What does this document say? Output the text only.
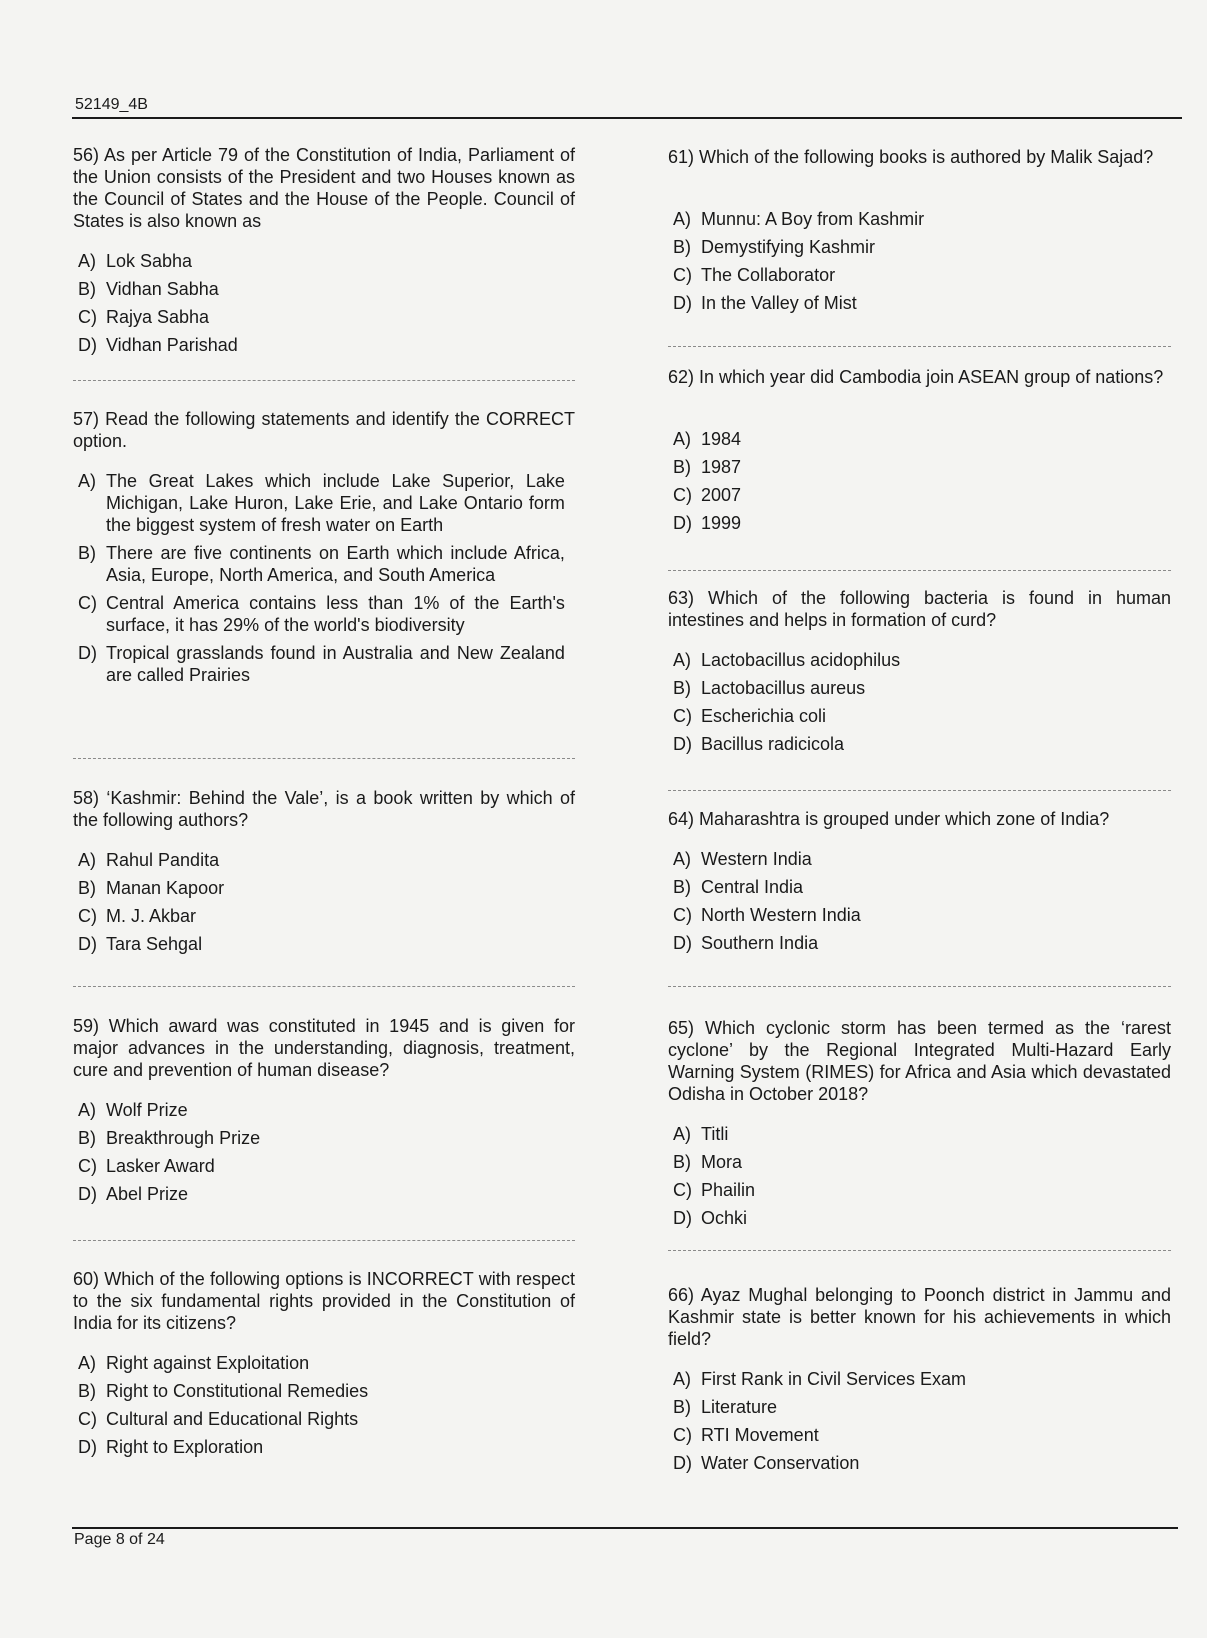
52149_4B

56) As per Article 79 of the Constitution of India, Parliament of the Union consists of the President and two Houses known as the Council of States and the House of the People. Council of States is also known as

A) Lok Sabha
B) Vidhan Sabha
C) Rajya Sabha
D) Vidhan Parishad

57) Read the following statements and identify the CORRECT option.

A) The Great Lakes which include Lake Superior, Lake Michigan, Lake Huron, Lake Erie, and Lake Ontario form the biggest system of fresh water on Earth
B) There are five continents on Earth which include Africa, Asia, Europe, North America, and South America
C) Central America contains less than 1% of the Earth's surface, it has 29% of the world's biodiversity
D) Tropical grasslands found in Australia and New Zealand are called Prairies

58) ‘Kashmir: Behind the Vale’, is a book written by which of the following authors?

A) Rahul Pandita
B) Manan Kapoor
C) M. J. Akbar
D) Tara Sehgal

59) Which award was constituted in 1945 and is given for major advances in the understanding, diagnosis, treatment, cure and prevention of human disease?

A) Wolf Prize
B) Breakthrough Prize
C) Lasker Award
D) Abel Prize

60) Which of the following options is INCORRECT with respect to the six fundamental rights provided in the Constitution of India for its citizens?

A) Right against Exploitation
B) Right to Constitutional Remedies
C) Cultural and Educational Rights
D) Right to Exploration

61) Which of the following books is authored by Malik Sajad?

A) Munnu: A Boy from Kashmir
B) Demystifying Kashmir
C) The Collaborator
D) In the Valley of Mist

62) In which year did Cambodia join ASEAN group of nations?

A) 1984
B) 1987
C) 2007
D) 1999

63) Which of the following bacteria is found in human intestines and helps in formation of curd?

A) Lactobacillus acidophilus
B) Lactobacillus aureus
C) Escherichia coli
D) Bacillus radicicola

64) Maharashtra is grouped under which zone of India?

A) Western India
B) Central India
C) North Western India
D) Southern India

65) Which cyclonic storm has been termed as the ‘rarest cyclone’ by the Regional Integrated Multi-Hazard Early Warning System (RIMES) for Africa and Asia which devastated Odisha in October 2018?

A) Titli
B) Mora
C) Phailin
D) Ochki

66) Ayaz Mughal belonging to Poonch district in Jammu and Kashmir state is better known for his achievements in which field?

A) First Rank in Civil Services Exam
B) Literature
C) RTI Movement
D) Water Conservation
Page 8 of 24
